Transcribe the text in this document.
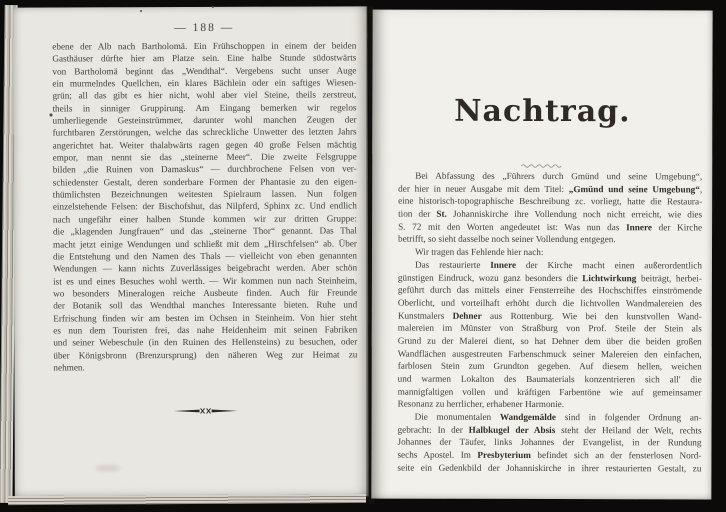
— 188 —
ebene der Alb nach Bartholomä. Ein Frühschoppen in einem der beiden
Gasthäuser dürfte hier am Platze sein. Eine halbe Stunde südostwärts
von Bartholomä beginnt das „Wendthal“. Vergebens sucht unser Auge
ein murmelndes Quellchen, ein klares Bächlein oder ein saftiges Wiesen-
grün; all das gibt es hier nicht, wohl aber viel Steine, theils zerstreut,
theils in sinniger Gruppirung. Am Eingang bemerken wir regelos
umherliegende Gesteinstrümmer, darunter wohl manchen Zeugen der
furchtbaren Zerstörungen, welche das schreckliche Unwetter des letzten Jahrs
angerichtet hat. Weiter thalabwärts ragen gegen 40 große Felsen mächtig
empor, man nennt sie das „steinerne Meer“. Die zweite Felsgruppe
bilden „die Ruinen von Damaskus“ — durchbrochene Felsen von ver-
schiedenster Gestalt, deren sonderbare Formen der Phantasie zu den eigen-
thümlichsten Bezeichnungen weitesten Spielraum lassen. Nun folgen
einzelstehende Felsen: der Bischofshut, das Nilpferd, Sphinx zc. Und endlich
nach ungefähr einer halben Stunde kommen wir zur dritten Gruppe:
die „klagenden Jungfrauen“ und das „steinerne Thor“ genannt. Das Thal
macht jetzt einige Wendungen und schließt mit dem „Hirschfelsen“ ab. Über
die Entstehung und den Namen des Thals — vielleicht von eben genannten
Wendungen — kann nichts Zuverlässiges beigebracht werden. Aber schön
ist es und eines Besuches wohl werth. — Wir kommen nun nach Steinheim,
wo besonders Mineralogen reiche Ausbeute finden. Auch für Freunde
der Botanik soll das Wendthal manches Interessante bieten. Ruhe und
Erfrischung finden wir am besten im Ochsen in Steinheim. Von hier steht
es nun dem Touristen frei, das nahe Heidenheim mit seinen Fabriken
und seiner Webeschule (in den Ruinen des Hellensteins) zu besuchen, oder
über Königsbronn (Brenzursprung) den näheren Weg zur Heimat zu
nehmen.
Nachtrag.
Bei Abfassung des „Führers durch Gmünd und seine Umgebung“,
der hier in neuer Ausgabe mit dem Titel: „Gmünd und seine Umgebung“,
eine historisch-topographische Beschreibung zc. vorliegt, hatte die Restaura-
tion der St. Johanniskirche ihre Vollendung noch nicht erreicht, wie dies
S. 72 mit den Worten angedeutet ist: Was nun das Innere der Kirche
betrifft, so sieht dasselbe noch seiner Vollendung entgegen.
Wir tragen das Fehlende hier nach:
Das restaurierte Innere der Kirche macht einen außerordentlich
günstigen Eindruck, wozu ganz besonders die Lichtwirkung beiträgt, herbei-
geführt durch das mittels einer Fensterreihe des Hochschiffes einströmende
Oberlicht, und vorteilhaft erhöht durch die lichtvollen Wandmalereien des
Kunstmalers Dehner aus Rottenburg. Wie bei den kunstvollen Wand-
malereien im Münster von Straßburg von Prof. Steile der Stein als
Grund zu der Malerei dient, so hat Dehner dem über die beiden großen
Wandflächen ausgestreuten Farbenschmuck seiner Malereien den einfachen,
farblosen Stein zum Grundton gegeben. Auf diesem hellen, weichen
und warmen Lokalton des Baumaterials konzentrieren sich all' die
mannigfaltigen vollen und kräftigen Farbentöne wie auf gemeinsamer
Resonanz zu herrlicher, erhabener Harmonie.
Die monumentalen Wandgemälde sind in folgender Ordnung an-
gebracht: In der Halbkugel der Absis steht der Heiland der Welt, rechts
Johannes der Täufer, links Johannes der Evangelist, in der Rundung
sechs Apostel. Im Presbyterium befindet sich an der fensterlosen Nord-
seite ein Gedenkbild der Johanniskirche in ihrer restaurierten Gestalt, zu
